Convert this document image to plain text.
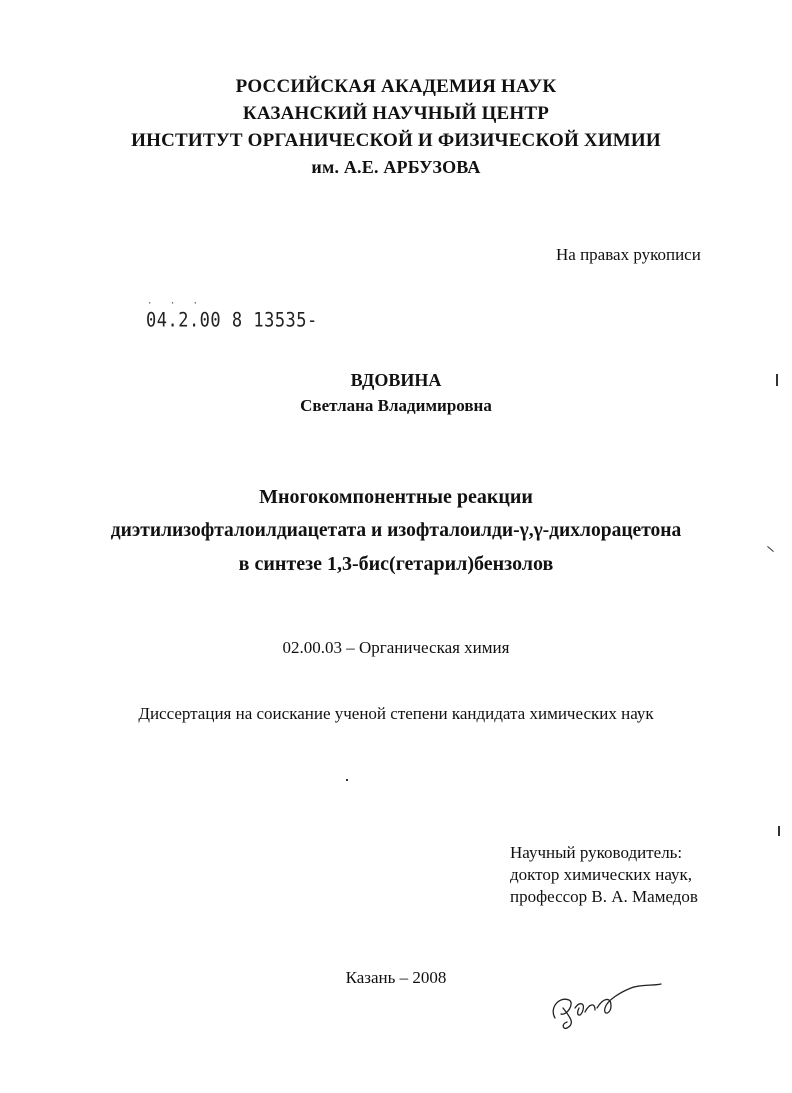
РОССИЙСКАЯ АКАДЕМИЯ НАУК
КАЗАНСКИЙ НАУЧНЫЙ ЦЕНТР
ИНСТИТУТ ОРГАНИЧЕСКОЙ И ФИЗИЧЕСКОЙ ХИМИИ
им. А.Е. АРБУЗОВА
На правах рукописи
· · ·
04.2.00 8 13535-
ВДОВИНА
Светлана Владимировна
Многокомпонентные реакции
диэтилизофталоилдиацетата и изофталоилди-γ,γ-дихлорацетона
в синтезе 1,3-бис(гетарил)бензолов
02.00.03 – Органическая химия
Диссертация на соискание ученой степени кандидата химических наук
Научный руководитель:
доктор химических наук,
профессор В. А. Мамедов
Казань – 2008
